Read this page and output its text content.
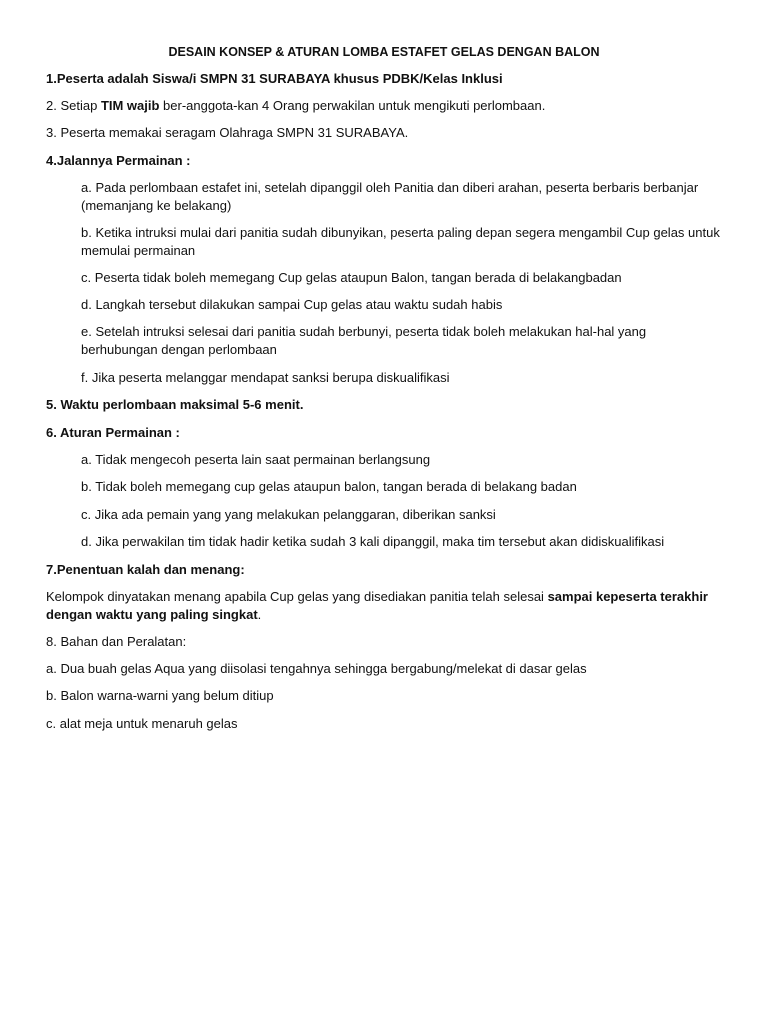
DESAIN KONSEP & ATURAN LOMBA ESTAFET GELAS DENGAN BALON
1.Peserta adalah Siswa/i SMPN 31 SURABAYA khusus PDBK/Kelas Inklusi
2. Setiap TIM wajib ber-anggota-kan 4 Orang perwakilan untuk mengikuti perlombaan.
3. Peserta memakai seragam Olahraga SMPN 31 SURABAYA.
4.Jalannya Permainan :
a. Pada perlombaan estafet ini, setelah dipanggil oleh Panitia dan diberi arahan, peserta berbaris berbanjar (memanjang ke belakang)
b. Ketika intruksi mulai dari panitia sudah dibunyikan, peserta paling depan segera mengambil Cup gelas untuk memulai permainan
c. Peserta tidak boleh memegang Cup gelas ataupun Balon, tangan berada di belakangbadan
d. Langkah tersebut dilakukan sampai Cup gelas atau waktu sudah habis
e. Setelah intruksi selesai dari panitia sudah berbunyi, peserta tidak boleh melakukan hal-hal yang berhubungan dengan perlombaan
f. Jika peserta melanggar mendapat sanksi berupa diskualifikasi
5. Waktu perlombaan maksimal 5-6 menit.
6. Aturan Permainan :
a. Tidak mengecoh peserta lain saat permainan berlangsung
b. Tidak boleh memegang cup gelas ataupun balon, tangan berada di belakang badan
c. Jika ada pemain yang yang melakukan pelanggaran, diberikan sanksi
d. Jika perwakilan tim tidak hadir ketika sudah 3 kali dipanggil, maka tim tersebut akan didiskualifikasi
7.Penentuan kalah dan menang:
Kelompok dinyatakan menang apabila Cup gelas yang disediakan panitia telah selesai sampai kepeserta terakhir dengan waktu yang paling singkat.
8. Bahan dan Peralatan:
a. Dua buah gelas Aqua yang diisolasi tengahnya sehingga bergabung/melekat di dasar gelas
b. Balon warna-warni yang belum ditiup
c. alat meja untuk menaruh gelas
